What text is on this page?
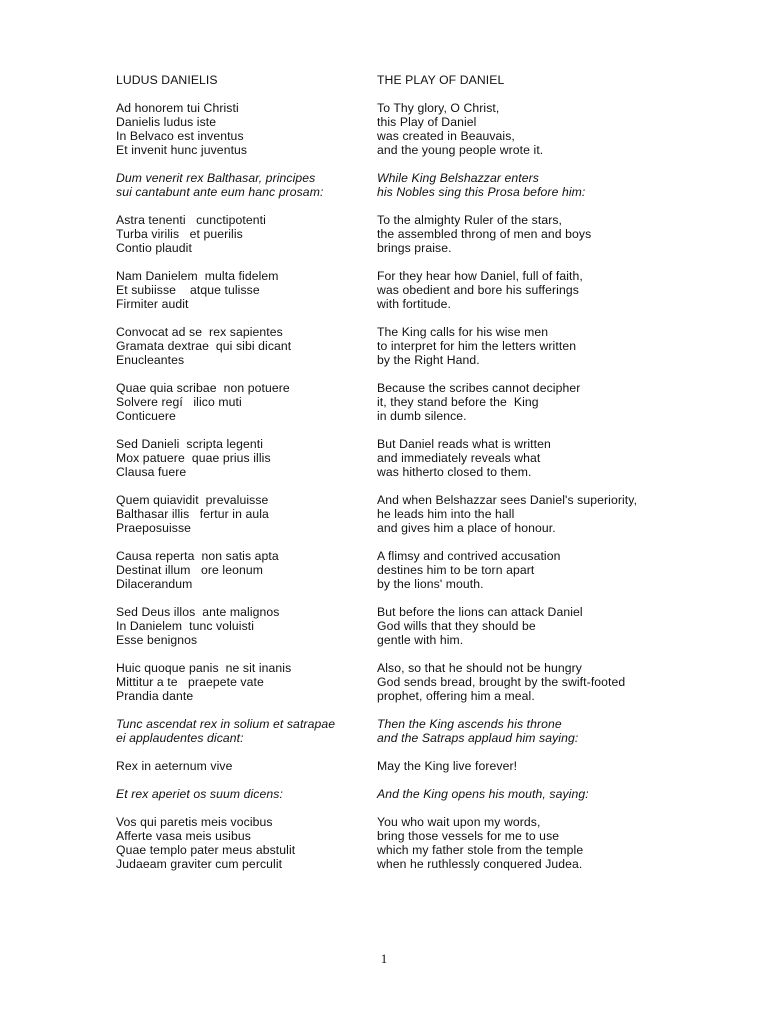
LUDUS DANIELIS	THE PLAY OF DANIEL
Ad honorem tui Christi	To Thy glory, O Christ,
Danielis ludus iste	this Play of Daniel
In Belvaco est inventus	was created in Beauvais,
Et invenit hunc juventus	and the young people wrote it.
Dum venerit rex Balthasar, principes	While King Belshazzar enters
sui cantabunt ante eum hanc prosam:	his Nobles sing this Prosa before him:
Astra tenenti   cunctipotenti	To the almighty Ruler of the stars,
Turba virilis   et puerilis	the assembled throng of men and boys
Contio plaudit	brings praise.
Nam Danielem  multa fidelem	For they hear how Daniel, full of faith,
Et subiisse    atque tulisse	was obedient and bore his sufferings
Firmiter audit	with fortitude.
Convocat ad se  rex sapientes	The King calls for his wise men
Gramata dextrae  qui sibi dicant	to interpret for him the letters written
Enucleantes	by the Right Hand.
Quae quia scribae  non potuere	Because the scribes cannot decipher
Solvere regí   ilico muti	it, they stand before the  King
Conticuere	in dumb silence.
Sed Danieli  scripta legenti	But Daniel reads what is written
Mox patuere  quae prius illis	and immediately reveals what
Clausa fuere	was hitherto closed to them.
Quem quiavidit  prevaluisse	And when Belshazzar sees Daniel's superiority,
Balthasar illis   fertur in aula	he leads him into the hall
Praeposuisse	and gives him a place of honour.
Causa reperta  non satis apta	A flimsy and contrived accusation
Destinat illum   ore leonum	destines him to be torn apart
Dilacerandum	by the lions' mouth.
Sed Deus illos  ante malignos	But before the lions can attack Daniel
In Danielem  tunc voluisti	God wills that they should be
Esse benignos	gentle with him.
Huic quoque panis  ne sit inanis	Also, so that he should not be hungry
Mittitur a te   praepete vate	God sends bread, brought by the swift-footed
Prandia dante	prophet, offering him a meal.
Tunc ascendat rex in solium et satrapae	Then the King ascends his throne
ei applaudentes dicant:	and the Satraps applaud him saying:
Rex in aeternum vive	May the King live forever!
Et rex aperiet os suum dicens:	And the King opens his mouth, saying:
Vos qui paretis meis vocibus	You who wait upon my words,
Afferte vasa meis usibus	bring those vessels for me to use
Quae templo pater meus abstulit	which my father stole from the temple
Judaeam graviter cum perculit	when he ruthlessly conquered Judea.
1
